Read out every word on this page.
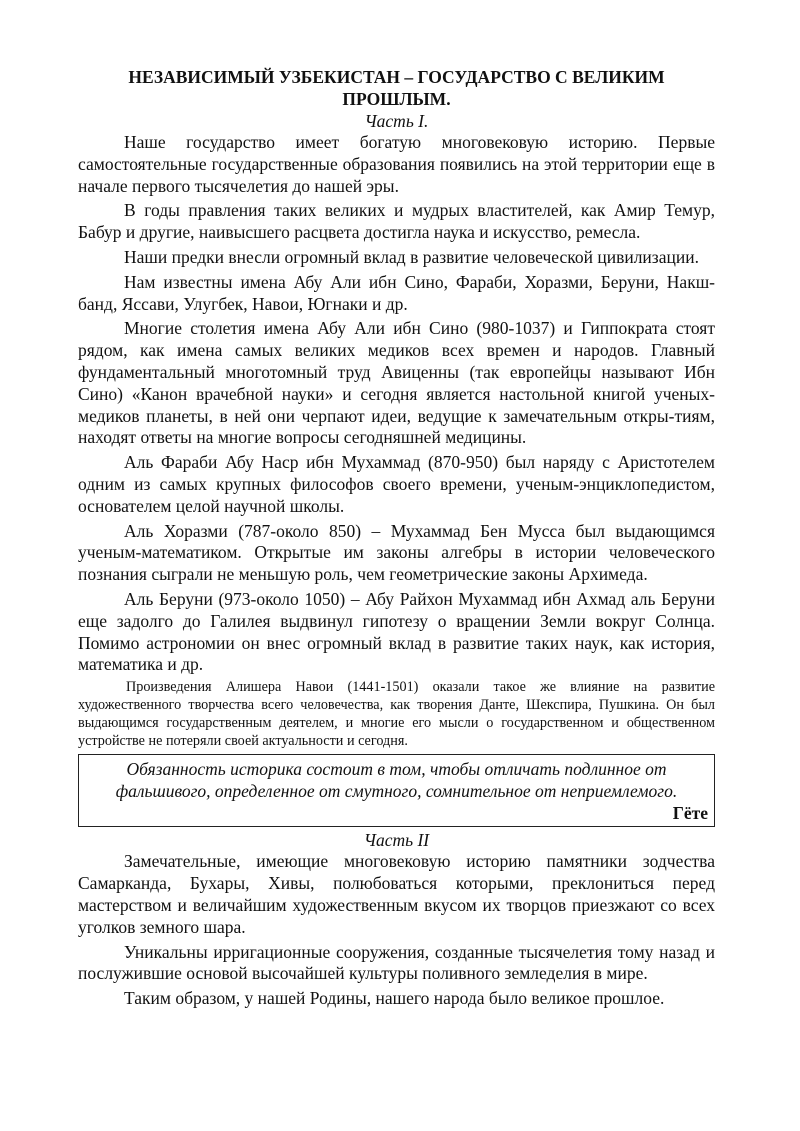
НЕЗАВИСИМЫЙ УЗБЕКИСТАН – ГОСУДАРСТВО С ВЕЛИКИМ ПРОШЛЫМ.
Часть I.

Наше государство имеет богатую многовековую историю. Первые самостоятельные государственные образования появились на этой территории еще в начале первого тысячелетия до нашей эры.

В годы правления таких великих и мудрых властителей, как Амир Темур, Бабур и другие, наивысшего расцвета достигла наука и искусство, ремесла.

Наши предки внесли огромный вклад в развитие человеческой цивилизации.

Нам известны имена Абу Али ибн Сино, Фараби, Хоразми, Беруни, Накш-банд, Яссави, Улугбек, Навои, Югнаки и др.

Многие столетия имена Абу Али ибн Сино (980-1037) и Гиппократа стоят рядом, как имена самых великих медиков всех времен и народов. Главный фундаментальный многотомный труд Авиценны (так европейцы называют Ибн Сино) «Канон врачебной науки» и сегодня является настольной книгой ученых-медиков планеты, в ней они черпают идеи, ведущие к замечательным откры-тиям, находят ответы на многие вопросы сегодняшней медицины.

Аль Фараби Абу Наср ибн Мухаммад (870-950) был наряду с Аристотелем одним из самых крупных философов своего времени, ученым-энциклопедистом, основателем целой научной школы.

Аль Хоразми (787-около 850) – Мухаммад Бен Мусса был выдающимся ученым-математиком. Открытые им законы алгебры в истории человеческого познания сыграли не меньшую роль, чем геометрические законы Архимеда.

Аль Беруни (973-около 1050) – Абу Райхон Мухаммад ибн Ахмад аль Беруни еще задолго до Галилея выдвинул гипотезу о вращении Земли вокруг Солнца. Помимо астрономии он внес огромный вклад в развитие таких наук, как история, математика и др.

Произведения Алишера Навои (1441-1501) оказали такое же влияние на развитие художественного творчества всего человечества, как творения Данте, Шекспира, Пушкина. Он был выдающимся государственным деятелем, и многие его мысли о государственном и общественном устройстве не потеряли своей актуальности и сегодня.

Обязанность историка состоит в том, чтобы отличать подлинное от фальшивого, определенное от смутного, сомнительное от неприемлемого.

Гёте

Часть II

Замечательные, имеющие многовековую историю памятники зодчества Самарканда, Бухары, Хивы, полюбоваться которыми, преклониться перед мастерством и величайшим художественным вкусом их творцов приезжают со всех уголков земного шара.

Уникальны ирригационные сооружения, созданные тысячелетия тому назад и послужившие основой высочайшей культуры поливного земледелия в мире.

Таким образом, у нашей Родины, нашего народа было великое прошлое.
